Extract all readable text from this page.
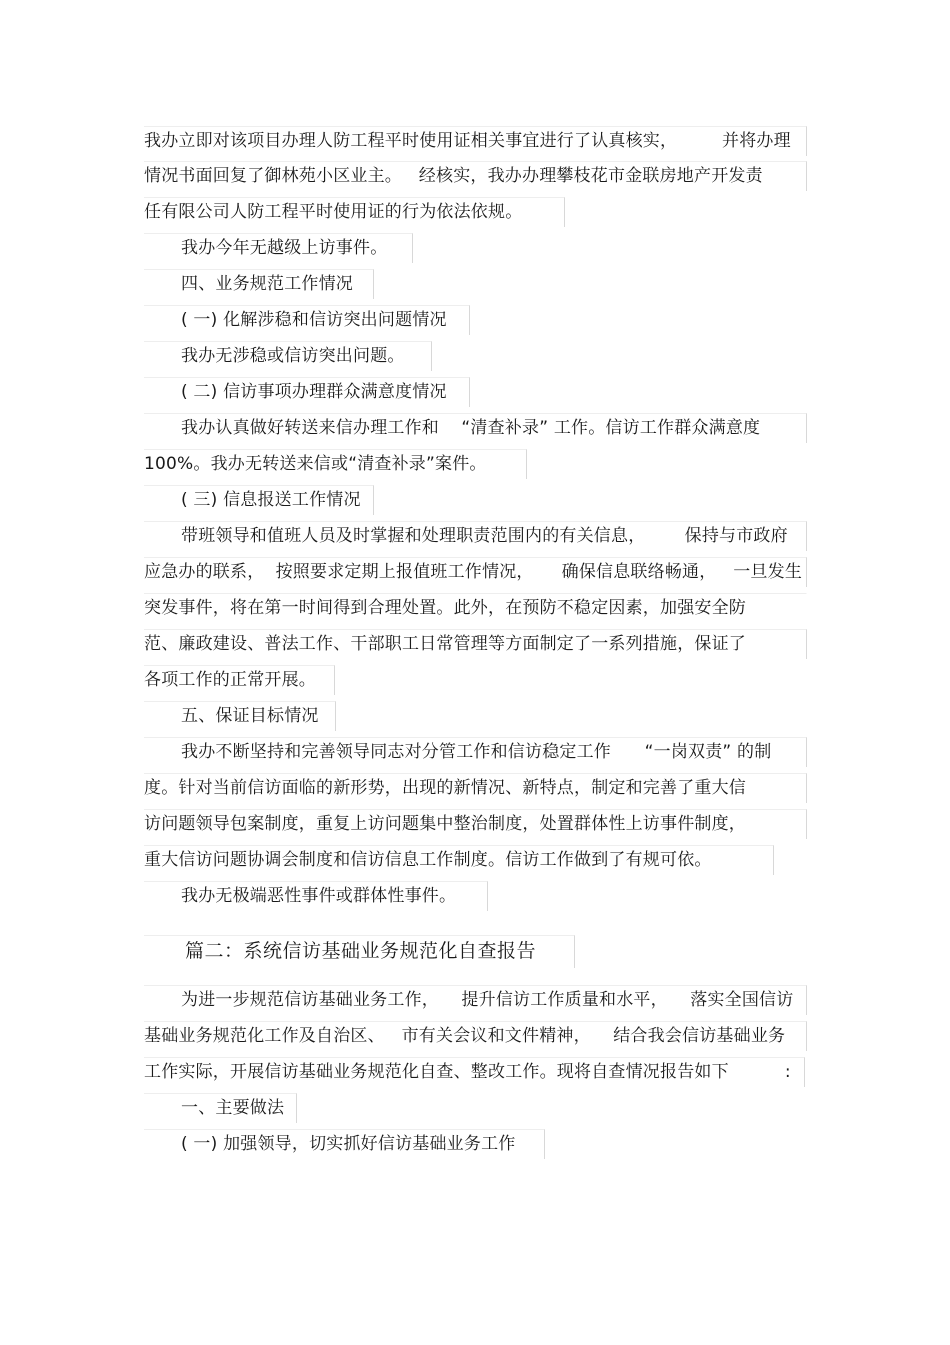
我办立即对该项目办理人防工程平时使用证相关事宜进行了认真核实，        并将办理
情况书面回复了御林苑小区业主。   经核实，我办办理攀枝花市金联房地产开发责
任有限公司人防工程平时使用证的行为依法依规。
我办今年无越级上访事件。
四、业务规范工作情况
( 一) 化解涉稳和信访突出问题情况
我办无涉稳或信访突出问题。
( 二) 信访事项办理群众满意度情况
我办认真做好转送来信办理工作和    “清查补录” 工作。信访工作群众满意度
100%。我办无转送来信或“清查补录”案件。
( 三) 信息报送工作情况
带班领导和值班人员及时掌握和处理职责范围内的有关信息，       保持与市政府
应急办的联系，  按照要求定期上报值班工作情况，     确保信息联络畅通，   一旦发生
突发事件，将在第一时间得到合理处置。此外，在预防不稳定因素，加强安全防
范、廉政建设、普法工作、干部职工日常管理等方面制定了一系列措施，保证了
各项工作的正常开展。
五、保证目标情况
我办不断坚持和完善领导同志对分管工作和信访稳定工作      “一岗双责” 的制
度。针对当前信访面临的新形势，出现的新情况、新特点，制定和完善了重大信
访问题领导包案制度，重复上访问题集中整治制度，处置群体性上访事件制度，
重大信访问题协调会制度和信访信息工作制度。信访工作做到了有规可依。
我办无极端恶性事件或群体性事件。
篇二：系统信访基础业务规范化自查报告
为进一步规范信访基础业务工作，    提升信访工作质量和水平，    落实全国信访
基础业务规范化工作及自治区、   市有关会议和文件精神，    结合我会信访基础业务
工作实际，开展信访基础业务规范化自查、整改工作。现将自查情况报告如下          :
一、主要做法
( 一) 加强领导，切实抓好信访基础业务工作
